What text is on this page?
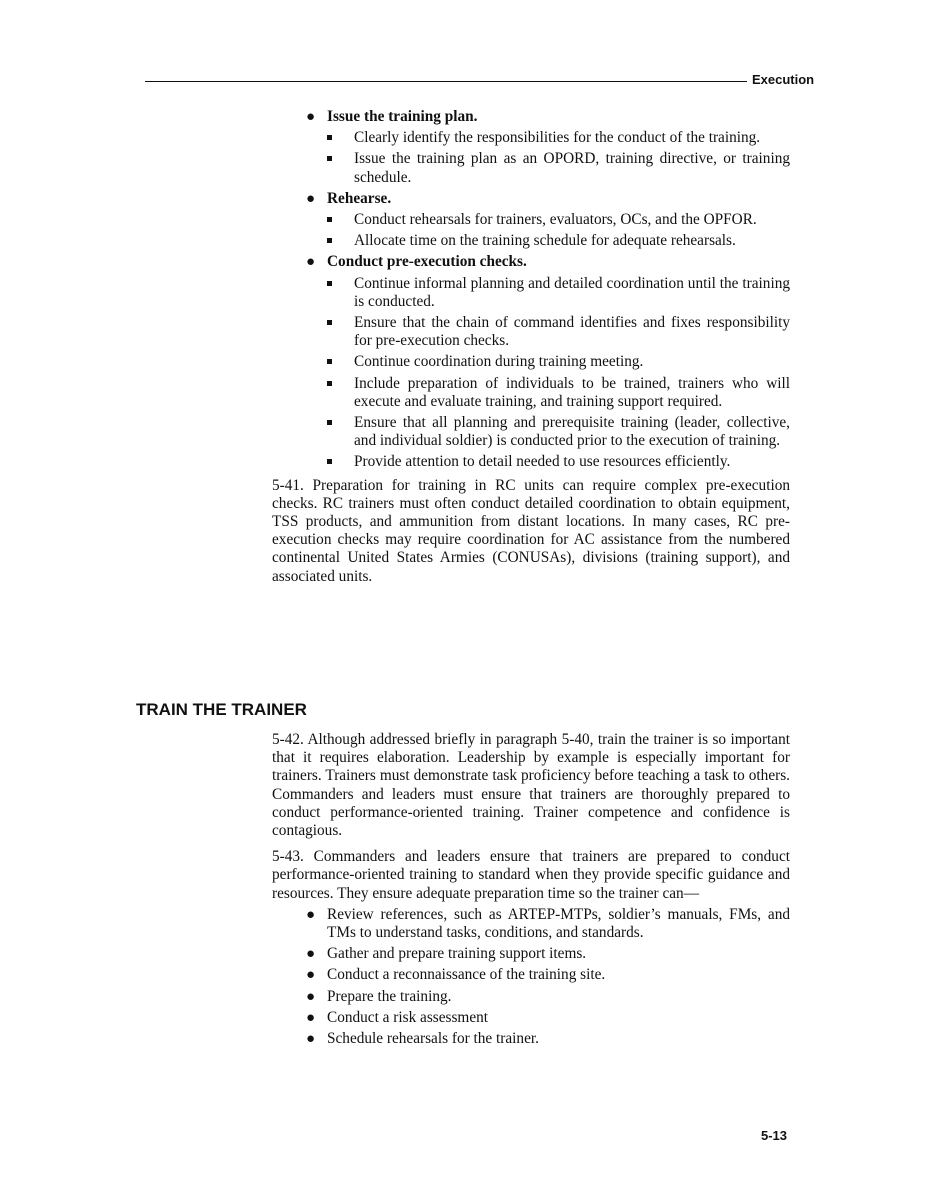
Execution
● Issue the training plan.
Clearly identify the responsibilities for the conduct of the training.
Issue the training plan as an OPORD, training directive, or training schedule.
● Rehearse.
Conduct rehearsals for trainers, evaluators, OCs, and the OPFOR.
Allocate time on the training schedule for adequate rehearsals.
● Conduct pre-execution checks.
Continue informal planning and detailed coordination until the training is conducted.
Ensure that the chain of command identifies and fixes responsibility for pre-execution checks.
Continue coordination during training meeting.
Include preparation of individuals to be trained, trainers who will execute and evaluate training, and training support required.
Ensure that all planning and prerequisite training (leader, collective, and individual soldier) is conducted prior to the execution of training.
Provide attention to detail needed to use resources efficiently.

5-41. Preparation for training in RC units can require complex pre-execution checks. RC trainers must often conduct detailed coordination to obtain equipment, TSS products, and ammunition from distant locations. In many cases, RC pre-execution checks may require coordination for AC assistance from the numbered continental United States Armies (CONUSAs), divisions (training support), and associated units.

TRAIN THE TRAINER

5-42. Although addressed briefly in paragraph 5-40, train the trainer is so important that it requires elaboration. Leadership by example is especially important for trainers. Trainers must demonstrate task proficiency before teaching a task to others. Commanders and leaders must ensure that trainers are thoroughly prepared to conduct performance-oriented training. Trainer competence and confidence is contagious.

5-43. Commanders and leaders ensure that trainers are prepared to conduct performance-oriented training to standard when they provide specific guidance and resources. They ensure adequate preparation time so the trainer can—

● Review references, such as ARTEP-MTPs, soldier’s manuals, FMs, and TMs to understand tasks, conditions, and standards.
● Gather and prepare training support items.
● Conduct a reconnaissance of the training site.
● Prepare the training.
● Conduct a risk assessment
● Schedule rehearsals for the trainer.
5-13
